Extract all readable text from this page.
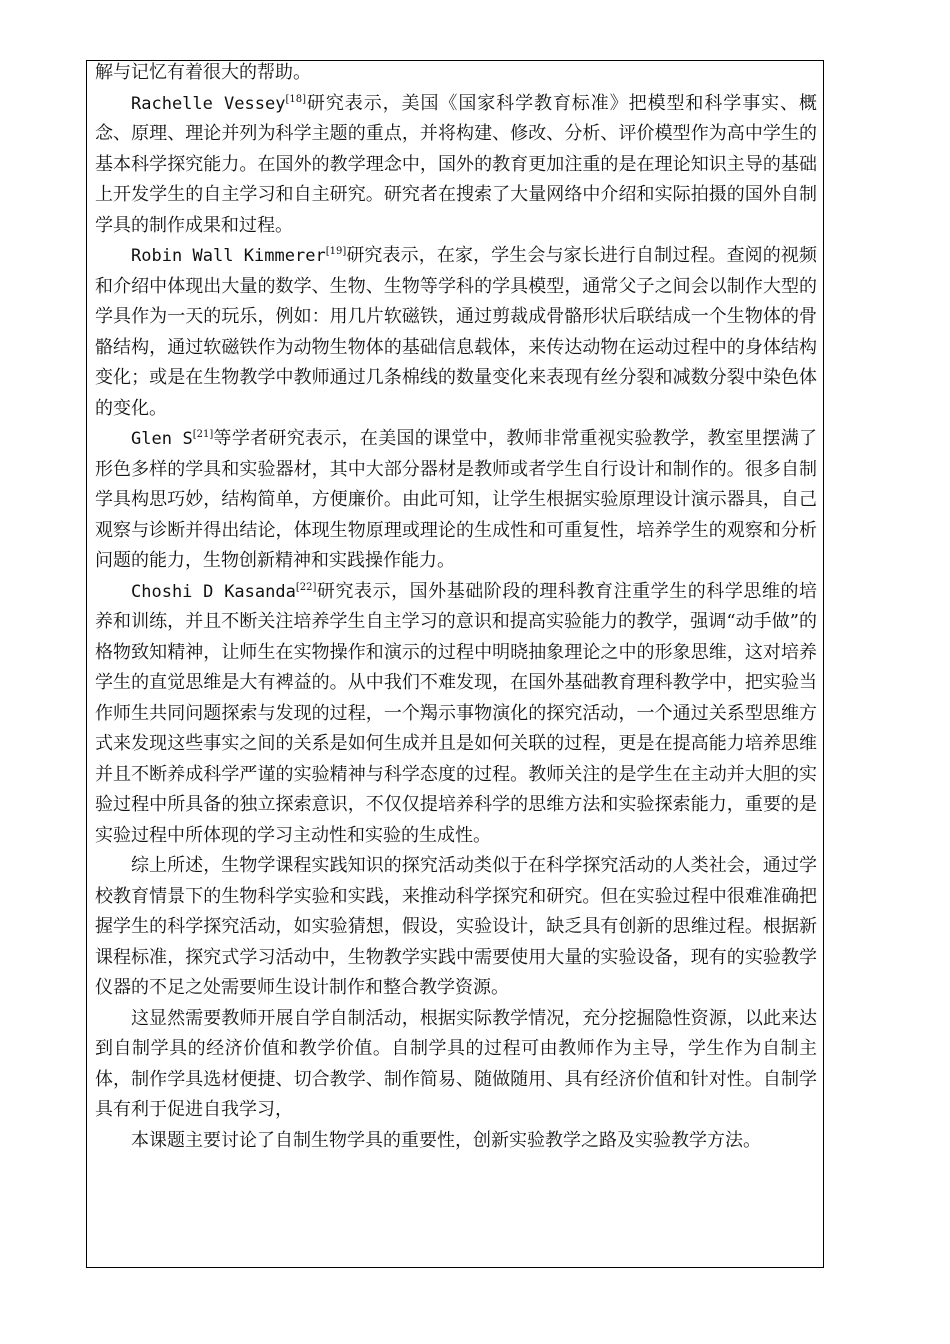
解与记忆有着很大的帮助。

Rachelle Vessey[18]研究表示，美国《国家科学教育标准》把模型和科学事实、概念、原理、理论并列为科学主题的重点，并将构建、修改、分析、评价模型作为高中学生的基本科学探究能力。在国外的教学理念中，国外的教育更加注重的是在理论知识主导的基础上开发学生的自主学习和自主研究。研究者在搜索了大量网络中介绍和实际拍摄的国外自制学具的制作成果和过程。

Robin Wall Kimmerer[19]研究表示，在家，学生会与家长进行自制过程。查阅的视频和介绍中体现出大量的数学、生物、生物等学科的学具模型，通常父子之间会以制作大型的学具作为一天的玩乐，例如：用几片软磁铁，通过剪裁成骨骼形状后联结成一个生物体的骨骼结构，通过软磁铁作为动物生物体的基础信息载体，来传达动物在运动过程中的身体结构变化；或是在生物教学中教师通过几条棉线的数量变化来表现有丝分裂和减数分裂中染色体的变化。

Glen S[21]等学者研究表示，在美国的课堂中，教师非常重视实验教学，教室里摆满了形色多样的学具和实验器材，其中大部分器材是教师或者学生自行设计和制作的。很多自制学具构思巧妙，结构简单，方便廉价。由此可知，让学生根据实验原理设计演示器具，自己观察与诊断并得出结论，体现生物原理或理论的生成性和可重复性，培养学生的观察和分析问题的能力，生物创新精神和实践操作能力。

Choshi D Kasanda[22]研究表示，国外基础阶段的理科教育注重学生的科学思维的培养和训练，并且不断关注培养学生自主学习的意识和提高实验能力的教学，强调“动手做”的格物致知精神，让师生在实物操作和演示的过程中明晓抽象理论之中的形象思维，这对培养学生的直觉思维是大有裨益的。从中我们不难发现，在国外基础教育理科教学中，把实验当作师生共同问题探索与发现的过程，一个羯示事物演化的探究活动，一个通过关系型思维方式来发现这些事实之间的关系是如何生成并且是如何关联的过程，更是在提高能力培养思维并且不断养成科学严谨的实验精神与科学态度的过程。教师关注的是学生在主动并大胆的实验过程中所具备的独立探索意识，不仅仅提培养科学的思维方法和实验探索能力，重要的是实验过程中所体现的学习主动性和实验的生成性。

综上所述，生物学课程实践知识的探究活动类似于在科学探究活动的人类社会，通过学校教育情景下的生物科学实验和实践，来推动科学探究和研究。但在实验过程中很难准确把握学生的科学探究活动，如实验猜想，假设，实验设计，缺乏具有创新的思维过程。根据新课程标准，探究式学习活动中，生物教学实践中需要使用大量的实验设备，现有的实验教学仪器的不足之处需要师生设计制作和整合教学资源。

这显然需要教师开展自学自制活动，根据实际教学情况，充分挖掘隐性资源，以此来达到自制学具的经济价值和教学价值。自制学具的过程可由教师作为主导，学生作为自制主体，制作学具选材便捷、切合教学、制作简易、随做随用、具有经济价值和针对性。自制学具有利于促进自我学习，

本课题主要讨论了自制生物学具的重要性，创新实验教学之路及实验教学方法。
